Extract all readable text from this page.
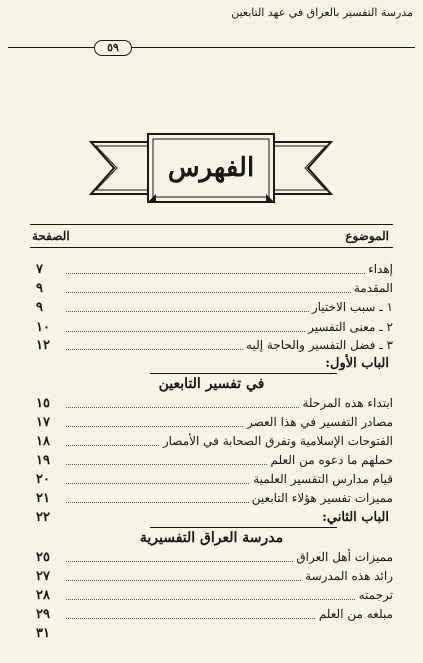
مدرسة التفسير بالعراق في عهد التابعين
٥٩
الفهرس
الموضوع
الصفحة
إهداء
٧
المقدمة
٩
١ ـ سبب الاختيار
٩
٢ ـ معنى التفسير
١٠
٣ ـ فضل التفسير والحاجة إليه
١٢
الباب الأول:
في تفسير التابعين
ابتداء هذه المرحلة
١٥
مصادر التفسير في هذا العصر
١٧
الفتوحات الإسلامية وتفرق الصحابة في الأمصار
١٨
حملهم ما دعوه من العلم
١٩
قيام مدارس التفسير العلمية
٢٠
مميزات تفسير هؤلاء التابعين
٢١
الباب الثاني:
٢٢
مدرسة العراق التفسيرية
مميزات أهل العراق
٢٥
رائد هذه المدرسة
٢٧
ترجمته
٢٨
مبلغه من العلم
٢٩
٣١
